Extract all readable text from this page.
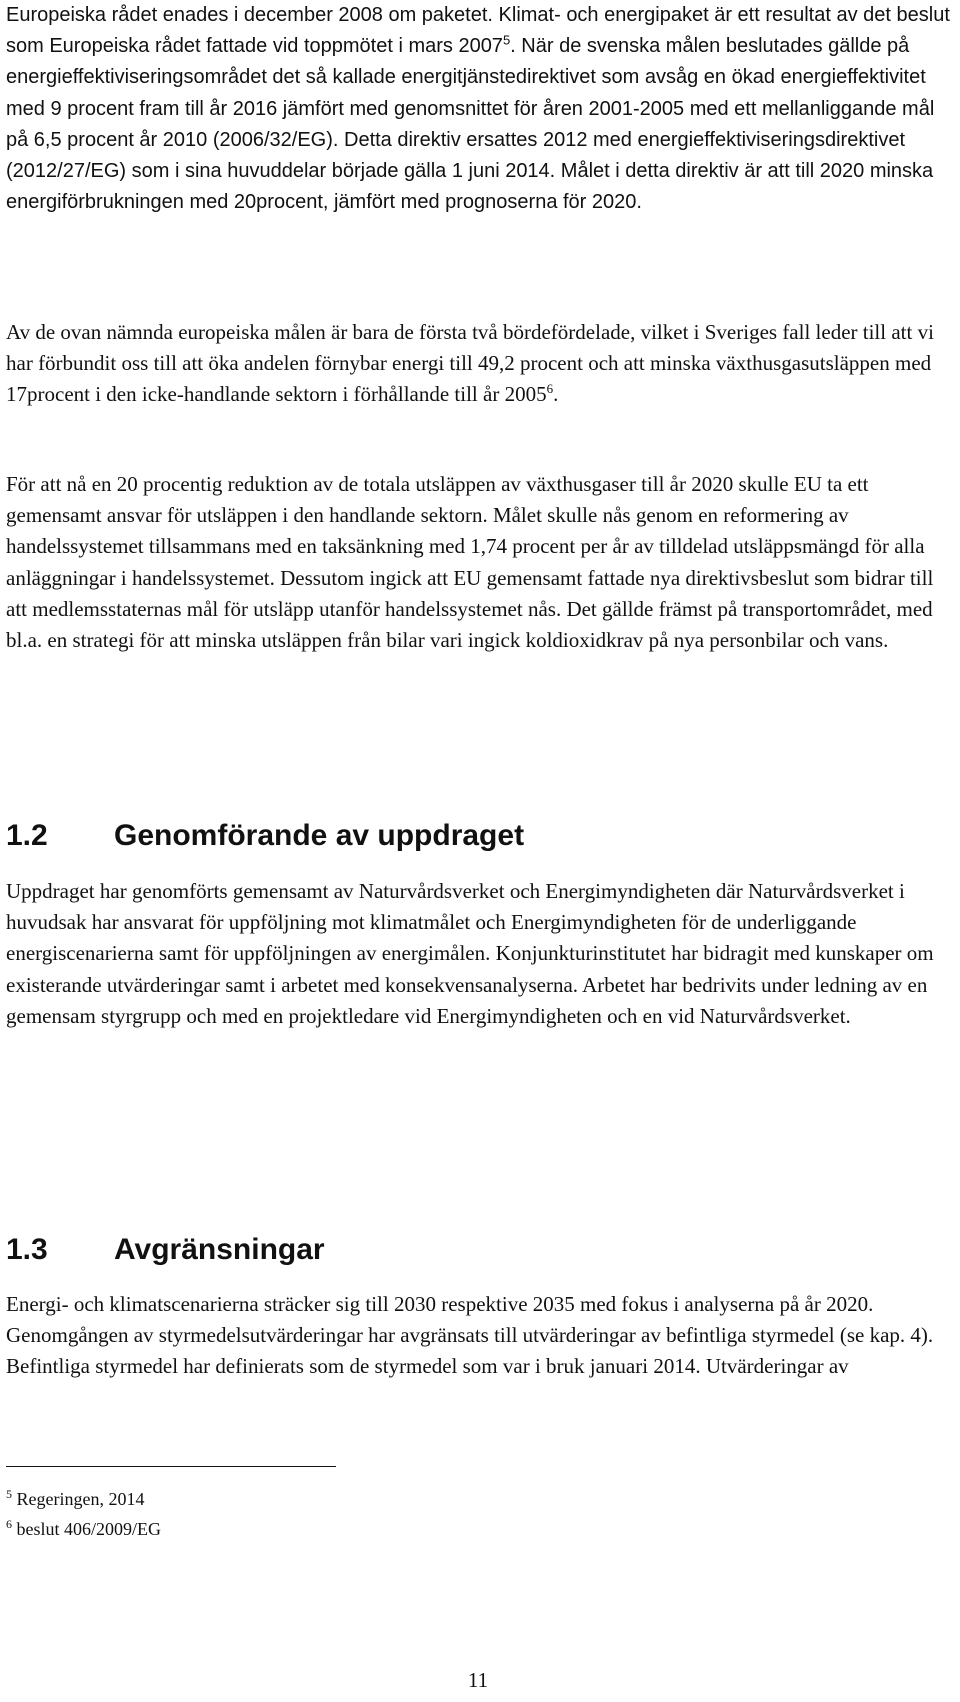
Europeiska rådet enades i december 2008 om paketet. Klimat- och energipaket är ett resultat av det beslut som Europeiska rådet fattade vid toppmötet i mars 2007$^5$. När de svenska målen beslutades gällde på energieffektiviseringsområdet det så kallade energitjänstedirektivet som avsåg en ökad energieffektivitet med 9 procent fram till år 2016 jämfört med genomsnittet för åren 2001-2005 med ett mellanliggande mål på 6,5 procent år 2010 (2006/32/EG). Detta direktiv ersattes 2012 med energieffektiviseringsdirektivet (2012/27/EG) som i sina huvuddelar började gälla 1 juni 2014. Målet i detta direktiv är att till 2020 minska energiförbrukningen med 20procent, jämfört med prognoserna för 2020.

Av de ovan nämnda europeiska målen är bara de första två bördefördelade, vilket i Sveriges fall leder till att vi har förbundit oss till att öka andelen förnybar energi till 49,2 procent och att minska växthusgasutsläppen med 17procent i den icke-handlande sektorn i förhållande till år 2005$^6$.

För att nå en 20 procentig reduktion av de totala utsläppen av växthusgaser till år 2020 skulle EU ta ett gemensamt ansvar för utsläppen i den handlande sektorn. Målet skulle nås genom en reformering av handelssystemet tillsammans med en taksänkning med 1,74 procent per år av tilldelad utsläppsmängd för alla anläggningar i handelssystemet. Dessutom ingick att EU gemensamt fattade nya direktivsbeslut som bidrar till att medlemsstaternas mål för utsläpp utanför handelssystemet nås. Det gällde främst på transportområdet, med bl.a. en strategi för att minska utsläppen från bilar vari ingick koldioxidkrav på nya personbilar och vans.

1.2 Genomförande av uppdraget

Uppdraget har genomförts gemensamt av Naturvårdsverket och Energimyndigheten där Naturvårdsverket i huvudsak har ansvarat för uppföljning mot klimatmålet och Energimyndigheten för de underliggande energiscenarierna samt för uppföljningen av energimålen. Konjunkturinstitutet har bidragit med kunskaper om existerande utvärderingar samt i arbetet med konsekvensanalyserna. Arbetet har bedrivits under ledning av en gemensam styrgrupp och med en projektledare vid Energimyndigheten och en vid Naturvårdsverket.

1.3 Avgränsningar

Energi- och klimatscenarierna sträcker sig till 2030 respektive 2035 med fokus i analyserna på år 2020. Genomgången av styrmedelsutvärderingar har avgränsats till utvärderingar av befintliga styrmedel (se kap. 4). Befintliga styrmedel har definierats som de styrmedel som var i bruk januari 2014. Utvärderingar av

$^5$ Regeringen, 2014
$^6$ beslut 406/2009/EG
11
